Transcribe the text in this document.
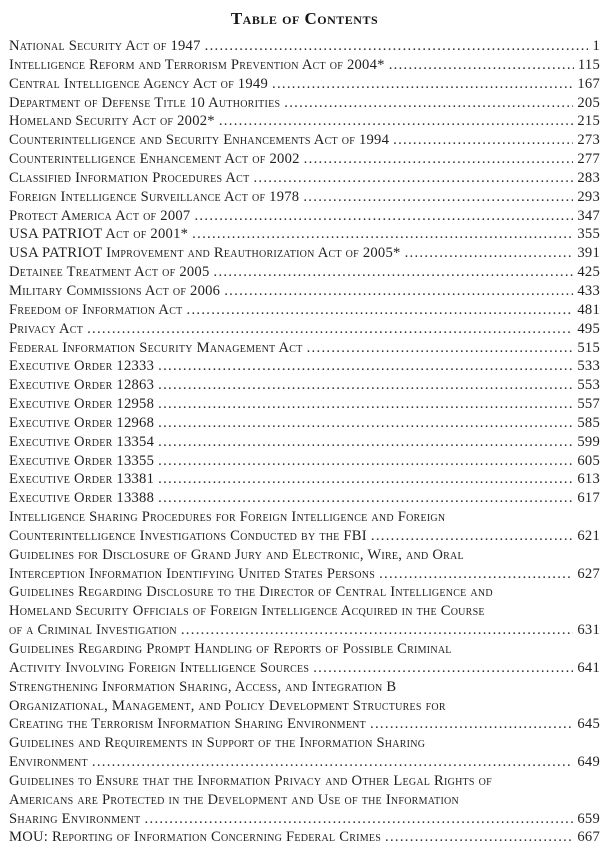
Table of Contents
National Security Act of 1947 .....	1
Intelligence Reform and Terrorism Prevention Act of 2004* .....	115
Central Intelligence Agency Act of 1949 .....	167
Department of Defense Title 10 Authorities .....	205
Homeland Security Act of 2002* .....	215
Counterintelligence and Security Enhancements Act of 1994 .....	273
Counterintelligence Enhancement Act of 2002 .....	277
Classified Information Procedures Act .....	283
Foreign Intelligence Surveillance Act of 1978 .....	293
Protect America Act of 2007 .....	347
USA PATRIOT Act of 2001* .....	355
USA PATRIOT Improvement and Reauthorization Act of 2005* .....	391
Detainee Treatment Act of 2005 .....	425
Military Commissions Act of 2006 .....	433
Freedom of Information Act .....	481
Privacy Act .....	495
Federal Information Security Management Act .....	515
Executive Order 12333 .....	533
Executive Order 12863 .....	553
Executive Order 12958 .....	557
Executive Order 12968 .....	585
Executive Order 13354 .....	599
Executive Order 13355 .....	605
Executive Order 13381 .....	613
Executive Order 13388 .....	617
Intelligence Sharing Procedures for Foreign Intelligence and Foreign
Counterintelligence Investigations Conducted by the FBI .....	621
Guidelines for Disclosure of Grand Jury and Electronic, Wire, and Oral
Interception Information Identifying United States Persons .....	627
Guidelines Regarding Disclosure to the Director of Central Intelligence and
Homeland Security Officials of Foreign Intelligence Acquired in the Course
of a Criminal Investigation .....	631
Guidelines Regarding Prompt Handling of Reports of Possible Criminal
Activity Involving Foreign Intelligence Sources .....	641
Strengthening Information Sharing, Access, and Integration B
Organizational, Management, and Policy Development Structures for
Creating the Terrorism Information Sharing Environment .....	645
Guidelines and Requirements in Support of the Information Sharing
Environment .....	649
Guidelines to Ensure that the Information Privacy and Other Legal Rights of
Americans are Protected in the Development and Use of the Information
Sharing Environment .....	659
MOU: Reporting of Information Concerning Federal Crimes .....	667
